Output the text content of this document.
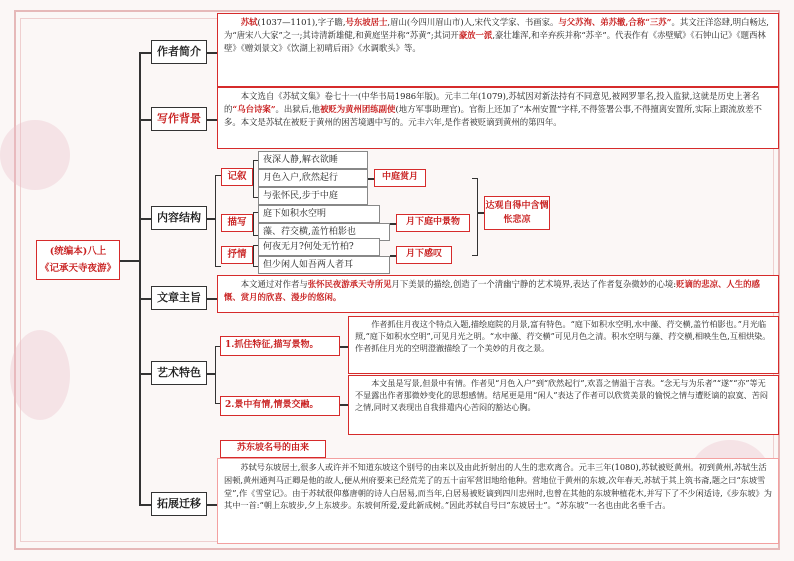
(统编本)八上
《记承天寺夜游》
作者简介

苏轼(1037—1101),字子瞻,号东坡居士,眉山(今四川眉山市)人,宋代文学家、书画家。与父苏洵、弟苏辙,合称“三苏”。其文汪洋恣肆,明白畅达,为“唐宋八大家”之一;其诗清新雄健,和黄庭坚并称“苏黄”;其词开豪放一派,豪壮雄浑,和辛弃疾并称“苏辛”。代表作有《赤壁赋》《石钟山记》《题西林壁》《赠刘景文》《饮湖上初晴后雨》《水调歌头》等。

写作背景

本文选自《苏轼文集》卷七十一(中华书局1986年版)。元丰二年(1079),苏轼因对新法持有不同意见,被网罗罪名,投入监狱,这就是历史上著名的“乌台诗案”。出狱后,他被贬为黄州团练副使(地方军事助理官)。官衔上还加了“本州安置”字样,不得签署公事,不得擅离安置所,实际上跟流放差不多。本文是苏轼在被贬于黄州的困苦境遇中写的。元丰六年,是作者被贬谪到黄州的第四年。

内容结构
记叙
夜深人静,解衣欲睡
月色入户,欣然起行
与张怀民,步于中庭
中庭赏月
描写
庭下如积水空明
藻、荇交横,盖竹柏影也
月下庭中景物
抒情
何夜无月?何处无竹柏?
但少闲人如吾两人者耳
月下感叹
达观自得中含惆怅悲凉
文章主旨

本文通过对作者与张怀民夜游承天寺所见月下美景的描绘,创造了一个清幽宁静的艺术境界,表达了作者复杂微妙的心境:贬谪的悲凉、人生的感慨、赏月的欣喜、漫步的悠闲。

艺术特色
1.抓住特征,描写景物。

作者抓住月夜这个特点入题,描绘庭院的月景,富有特色。“庭下如积水空明,水中藻、荇交横,盖竹柏影也。”月光临照,“庭下如积水空明”,可见月光之明。“水中藻、荇交横”可见月色之清。积水空明与藻、荇交横,相映生色,互相烘染。作者抓住月光的空明澄澈描绘了一个美妙的月夜之景。

2.景中有情,情景交融。

本文虽是写景,但景中有情。作者见“月色入户”到“欣然起行”,欢喜之情溢于言表。“念无与为乐者”“遂”“亦”等无不显露出作者那微妙变化的思想感情。结尾更是用“闲人”表达了作者可以欣赏美景的愉悦之情与遭贬谪的寂寞、苦闷之情,同时又表现出自我排遣内心苦闷的豁达心胸。

拓展迁移
苏东坡名号的由来

苏轼号东坡居士,很多人或许并不知道东坡这个别号的由来以及由此折射出的人生的悲欢离合。元丰三年(1080),苏轼被贬黄州。初到黄州,苏轼生活困顿,黄州通判马正卿是他的故人,便从州府要来已经荒芜了的五十亩军营旧地给他种。营地位于黄州的东坡,次年春天,苏轼于其上筑书斋,题之曰“东坡雪堂”,作《雪堂记》。由于苏轼很仰慕唐朝的诗人白居易,而当年,白居易被贬谪到四川忠州时,也曾在其他的东坡种植花木,并写下了不少闲适诗,《步东坡》为其中一首:“朝上东坡步,夕上东坡步。东坡何所爱,爱此新成树。”因此苏轼自号曰“东坡居士”。“苏东坡”一名也由此名垂千古。
